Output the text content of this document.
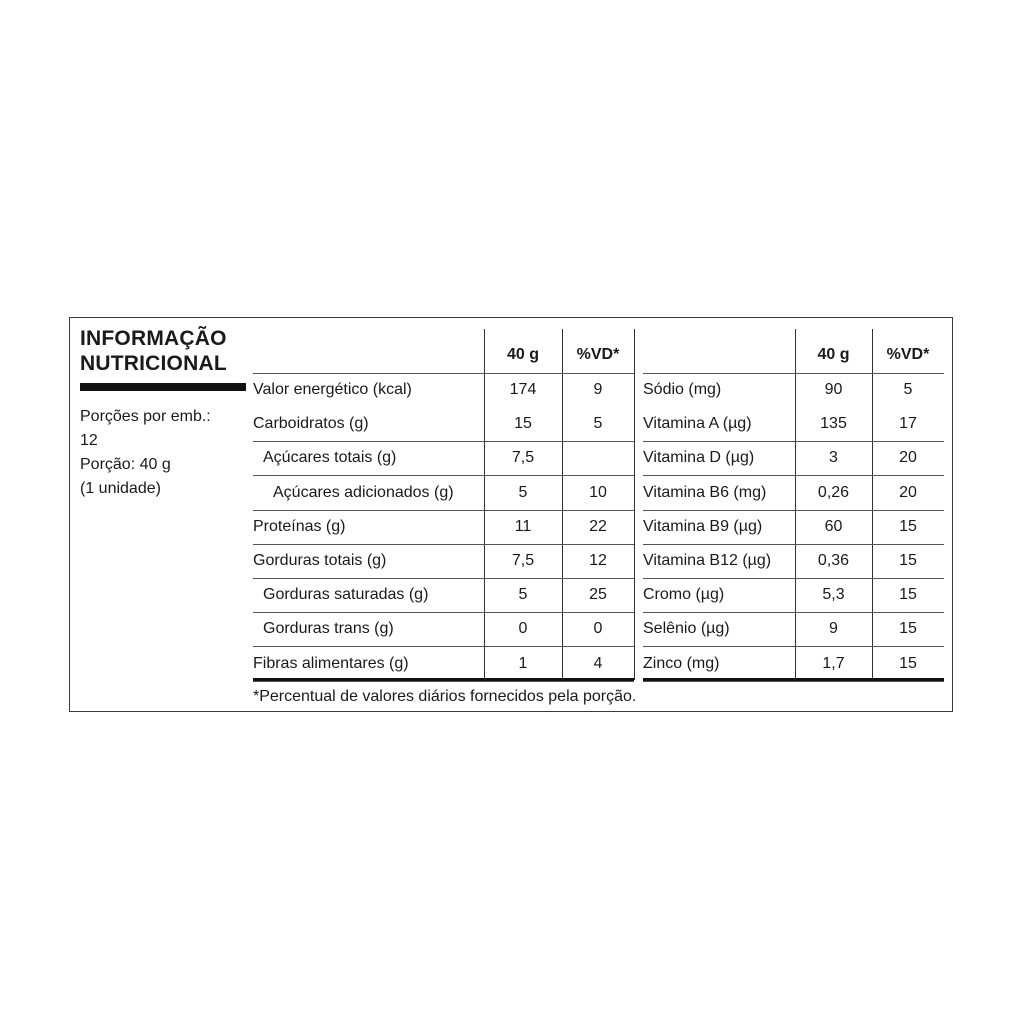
INFORMAÇÃO
NUTRICIONAL
Porções por emb.:
12
Porção: 40 g
(1 unidade)
40 g	%VD*	40 g	%VD*
Valor energético (kcal)	174	9
Carboidratos (g)	15	5
Açúcares totais (g)	7,5
Açúcares adicionados (g)	5	10
Proteínas (g)	11	22
Gorduras totais (g)	7,5	12
Gorduras saturadas (g)	5	25
Gorduras trans (g)	0	0
Fibras alimentares (g)	1	4
Sódio (mg)	90	5
Vitamina A (µg)	135	17
Vitamina D (µg)	3	20
Vitamina B6 (mg)	0,26	20
Vitamina B9 (µg)	60	15
Vitamina B12 (µg)	0,36	15
Cromo (µg)	5,3	15
Selênio (µg)	9	15
Zinco (mg)	1,7	15
*Percentual de valores diários fornecidos pela porção.
